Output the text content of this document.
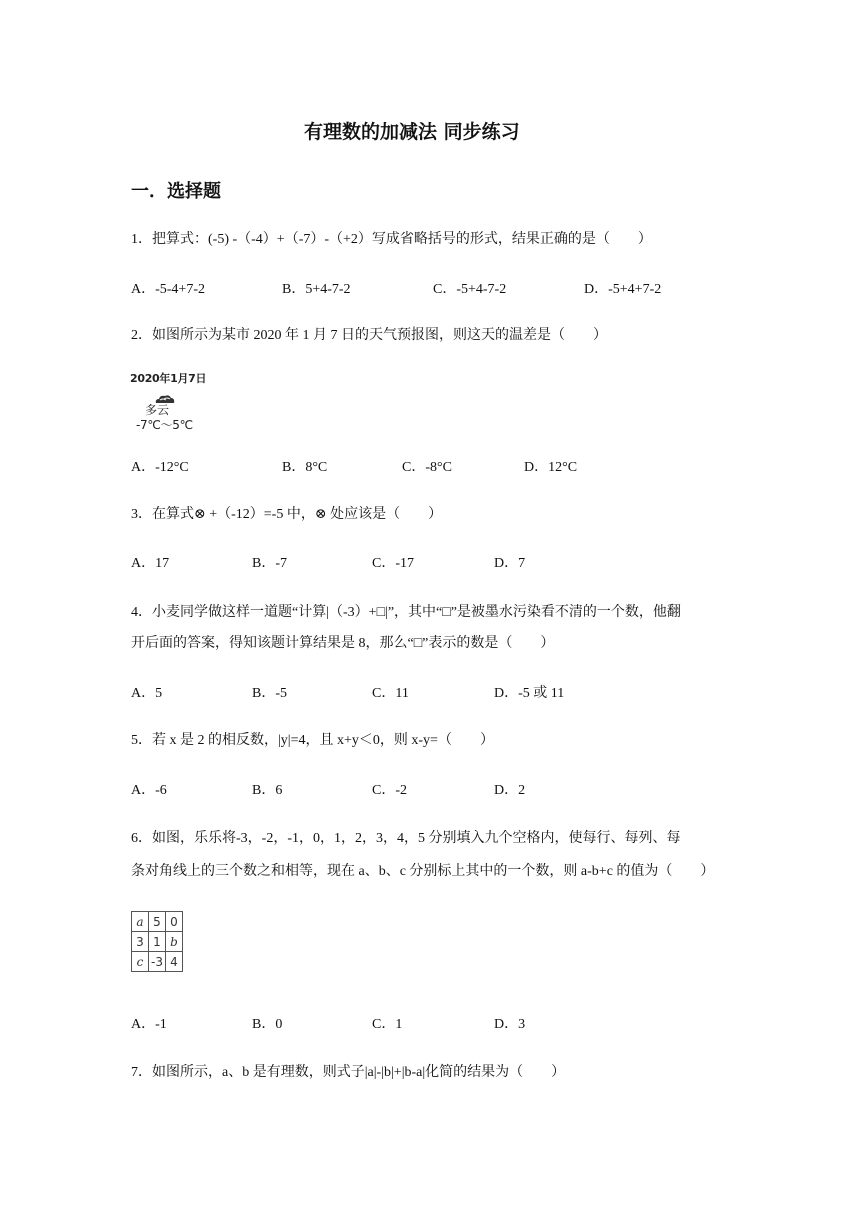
有理数的加减法 同步练习
一．选择题
1．把算式：(-5) -（-4）+（-7）-（+2）写成省略括号的形式，结果正确的是（　　）
A．-5-4+7-2	B．5+4-7-2	C．-5+4-7-2	D．-5+4+7-2
2．如图所示为某市 2020 年 1 月 7 日的天气预报图，则这天的温差是（　　）
2020年1月7日
多云
-7℃～5℃
A．-12°C	B．8°C	C．-8°C	D．12°C
3．在算式⊗ +（-12）=-5 中，⊗ 处应该是（　　）
A．17	B．-7	C．-17	D．7
4．小麦同学做这样一道题“计算|（-3）+□|”，其中“□”是被墨水污染看不清的一个数，他翻
开后面的答案，得知该题计算结果是 8，那么“□”表示的数是（　　）
A．5	B．-5	C．11	D．-5 或 11
5．若 x 是 2 的相反数，|y|=4，且 x+y＜0，则 x-y=（　　）
A．-6	B．6	C．-2	D．2
6．如图，乐乐将-3，-2，-1，0，1，2，3，4，5 分别填入九个空格内，使每行、每列、每
条对角线上的三个数之和相等，现在 a、b、c 分别标上其中的一个数，则 a-b+c 的值为（　　）
a	5	0
3	1	b
c	-3	4
A．-1	B．0	C．1	D．3
7．如图所示，a、b 是有理数，则式子|a|-|b|+|b-a|化简的结果为（　　）
